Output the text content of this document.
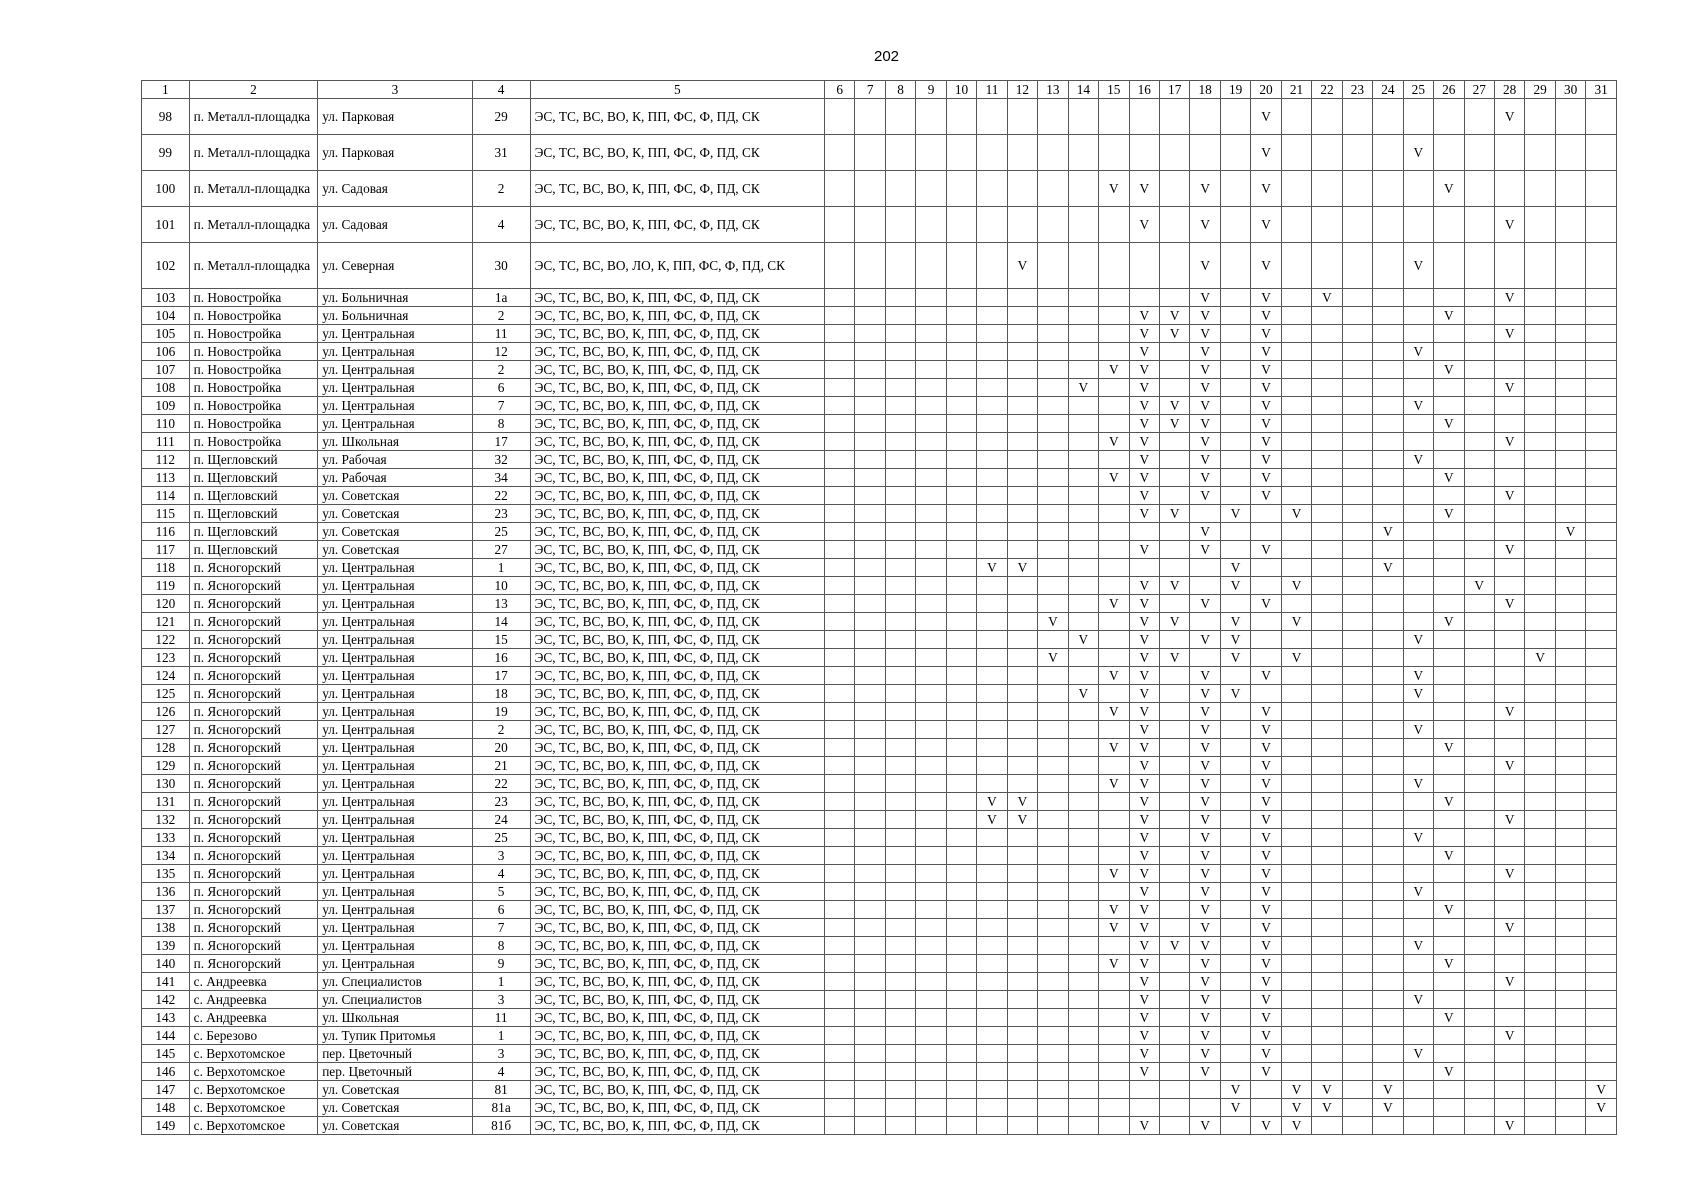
202
1	2	3	4	5	6	7	8	9	10	11	12	13	14	15	16	17	18	19	20	21	22	23	24	25	26	27	28	29	30	31
98	п. Металл-площадка	ул. Парковая	29	ЭС, ТС, ВС, ВО, К, ПП, ФС, Ф, ПД, СК															V								V			
99	п. Металл-площадка	ул. Парковая	31	ЭС, ТС, ВС, ВО, К, ПП, ФС, Ф, ПД, СК															V					V						
100	п. Металл-площадка	ул. Садовая	2	ЭС, ТС, ВС, ВО, К, ПП, ФС, Ф, ПД, СК										V	V		V		V						V					
101	п. Металл-площадка	ул. Садовая	4	ЭС, ТС, ВС, ВО, К, ПП, ФС, Ф, ПД, СК											V		V		V								V			
102	п. Металл-площадка	ул. Северная	30	ЭС, ТС, ВС, ВО, ЛО, К, ПП, ФС, Ф, ПД, СК							V						V		V					V						
103	п. Новостройка	ул. Больничная	1а	ЭС, ТС, ВС, ВО, К, ПП, ФС, Ф, ПД, СК													V		V		V						V			
104	п. Новостройка	ул. Больничная	2	ЭС, ТС, ВС, ВО, К, ПП, ФС, Ф, ПД, СК											V	V	V		V						V					
105	п. Новостройка	ул. Центральная	11	ЭС, ТС, ВС, ВО, К, ПП, ФС, Ф, ПД, СК											V	V	V		V								V			
106	п. Новостройка	ул. Центральная	12	ЭС, ТС, ВС, ВО, К, ПП, ФС, Ф, ПД, СК											V		V		V					V						
107	п. Новостройка	ул. Центральная	2	ЭС, ТС, ВС, ВО, К, ПП, ФС, Ф, ПД, СК										V	V		V		V						V					
108	п. Новостройка	ул. Центральная	6	ЭС, ТС, ВС, ВО, К, ПП, ФС, Ф, ПД, СК									V		V		V		V								V			
109	п. Новостройка	ул. Центральная	7	ЭС, ТС, ВС, ВО, К, ПП, ФС, Ф, ПД, СК											V	V	V		V					V						
110	п. Новостройка	ул. Центральная	8	ЭС, ТС, ВС, ВО, К, ПП, ФС, Ф, ПД, СК											V	V	V		V						V					
111	п. Новостройка	ул. Школьная	17	ЭС, ТС, ВС, ВО, К, ПП, ФС, Ф, ПД, СК										V	V		V		V								V			
112	п. Щегловский	ул. Рабочая	32	ЭС, ТС, ВС, ВО, К, ПП, ФС, Ф, ПД, СК											V		V		V					V						
113	п. Щегловский	ул. Рабочая	34	ЭС, ТС, ВС, ВО, К, ПП, ФС, Ф, ПД, СК										V	V		V		V						V					
114	п. Щегловский	ул. Советская	22	ЭС, ТС, ВС, ВО, К, ПП, ФС, Ф, ПД, СК											V		V		V								V			
115	п. Щегловский	ул. Советская	23	ЭС, ТС, ВС, ВО, К, ПП, ФС, Ф, ПД, СК											V	V		V		V					V					
116	п. Щегловский	ул. Советская	25	ЭС, ТС, ВС, ВО, К, ПП, ФС, Ф, ПД, СК													V						V						V	
117	п. Щегловский	ул. Советская	27	ЭС, ТС, ВС, ВО, К, ПП, ФС, Ф, ПД, СК											V		V		V								V			
118	п. Ясногорский	ул. Центральная	1	ЭС, ТС, ВС, ВО, К, ПП, ФС, Ф, ПД, СК						V	V							V					V							
119	п. Ясногорский	ул. Центральная	10	ЭС, ТС, ВС, ВО, К, ПП, ФС, Ф, ПД, СК											V	V		V		V						V				
120	п. Ясногорский	ул. Центральная	13	ЭС, ТС, ВС, ВО, К, ПП, ФС, Ф, ПД, СК										V	V		V		V								V			
121	п. Ясногорский	ул. Центральная	14	ЭС, ТС, ВС, ВО, К, ПП, ФС, Ф, ПД, СК								V			V	V		V		V					V					
122	п. Ясногорский	ул. Центральная	15	ЭС, ТС, ВС, ВО, К, ПП, ФС, Ф, ПД, СК									V		V		V	V						V						
123	п. Ясногорский	ул. Центральная	16	ЭС, ТС, ВС, ВО, К, ПП, ФС, Ф, ПД, СК								V			V	V		V		V								V		
124	п. Ясногорский	ул. Центральная	17	ЭС, ТС, ВС, ВО, К, ПП, ФС, Ф, ПД, СК										V	V		V		V					V						
125	п. Ясногорский	ул. Центральная	18	ЭС, ТС, ВС, ВО, К, ПП, ФС, Ф, ПД, СК									V		V		V	V						V						
126	п. Ясногорский	ул. Центральная	19	ЭС, ТС, ВС, ВО, К, ПП, ФС, Ф, ПД, СК										V	V		V		V								V			
127	п. Ясногорский	ул. Центральная	2	ЭС, ТС, ВС, ВО, К, ПП, ФС, Ф, ПД, СК											V		V		V					V						
128	п. Ясногорский	ул. Центральная	20	ЭС, ТС, ВС, ВО, К, ПП, ФС, Ф, ПД, СК										V	V		V		V						V					
129	п. Ясногорский	ул. Центральная	21	ЭС, ТС, ВС, ВО, К, ПП, ФС, Ф, ПД, СК											V		V		V								V			
130	п. Ясногорский	ул. Центральная	22	ЭС, ТС, ВС, ВО, К, ПП, ФС, Ф, ПД, СК										V	V		V		V					V						
131	п. Ясногорский	ул. Центральная	23	ЭС, ТС, ВС, ВО, К, ПП, ФС, Ф, ПД, СК						V	V				V		V		V						V					
132	п. Ясногорский	ул. Центральная	24	ЭС, ТС, ВС, ВО, К, ПП, ФС, Ф, ПД, СК						V	V				V		V		V								V			
133	п. Ясногорский	ул. Центральная	25	ЭС, ТС, ВС, ВО, К, ПП, ФС, Ф, ПД, СК											V		V		V					V						
134	п. Ясногорский	ул. Центральная	3	ЭС, ТС, ВС, ВО, К, ПП, ФС, Ф, ПД, СК											V		V		V						V					
135	п. Ясногорский	ул. Центральная	4	ЭС, ТС, ВС, ВО, К, ПП, ФС, Ф, ПД, СК										V	V		V		V								V			
136	п. Ясногорский	ул. Центральная	5	ЭС, ТС, ВС, ВО, К, ПП, ФС, Ф, ПД, СК											V		V		V					V						
137	п. Ясногорский	ул. Центральная	6	ЭС, ТС, ВС, ВО, К, ПП, ФС, Ф, ПД, СК										V	V		V		V						V					
138	п. Ясногорский	ул. Центральная	7	ЭС, ТС, ВС, ВО, К, ПП, ФС, Ф, ПД, СК										V	V		V		V								V			
139	п. Ясногорский	ул. Центральная	8	ЭС, ТС, ВС, ВО, К, ПП, ФС, Ф, ПД, СК											V	V	V		V					V						
140	п. Ясногорский	ул. Центральная	9	ЭС, ТС, ВС, ВО, К, ПП, ФС, Ф, ПД, СК										V	V		V		V						V					
141	с. Андреевка	ул. Специалистов	1	ЭС, ТС, ВС, ВО, К, ПП, ФС, Ф, ПД, СК											V		V		V								V			
142	с. Андреевка	ул. Специалистов	3	ЭС, ТС, ВС, ВО, К, ПП, ФС, Ф, ПД, СК											V		V		V					V						
143	с. Андреевка	ул. Школьная	11	ЭС, ТС, ВС, ВО, К, ПП, ФС, Ф, ПД, СК											V		V		V						V					
144	с. Березово	ул. Тупик Притомья	1	ЭС, ТС, ВС, ВО, К, ПП, ФС, Ф, ПД, СК											V		V		V								V			
145	с. Верхотомское	пер. Цветочный	3	ЭС, ТС, ВС, ВО, К, ПП, ФС, Ф, ПД, СК											V		V		V					V						
146	с. Верхотомское	пер. Цветочный	4	ЭС, ТС, ВС, ВО, К, ПП, ФС, Ф, ПД, СК											V		V		V						V					
147	с. Верхотомское	ул. Советская	81	ЭС, ТС, ВС, ВО, К, ПП, ФС, Ф, ПД, СК														V		V	V		V							V
148	с. Верхотомское	ул. Советская	81а	ЭС, ТС, ВС, ВО, К, ПП, ФС, Ф, ПД, СК														V		V	V		V							V
149	с. Верхотомское	ул. Советская	81б	ЭС, ТС, ВС, ВО, К, ПП, ФС, Ф, ПД, СК											V		V		V	V							V			
